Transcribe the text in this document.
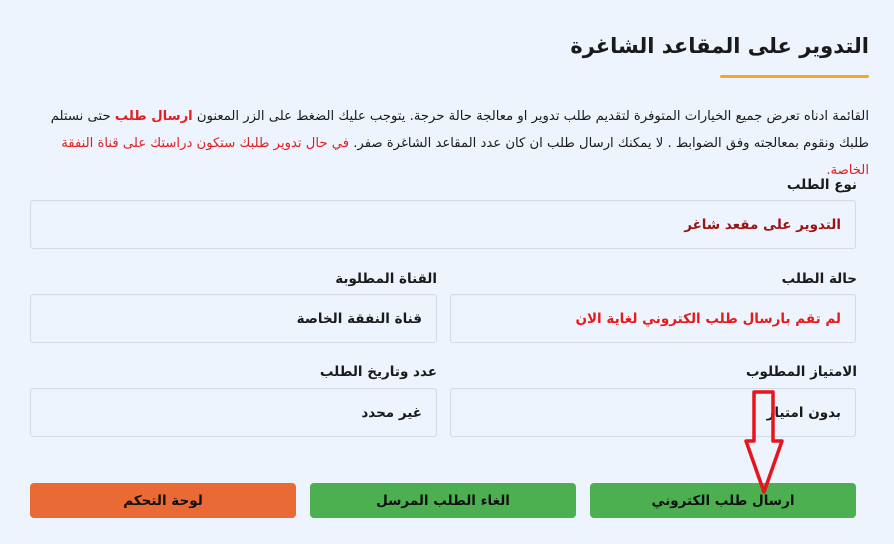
التدوير على المقاعد الشاغرة

القائمة ادناه تعرض جميع الخيارات المتوفرة لتقديم طلب تدوير او معالجة حالة حرجة. يتوجب عليك الضغط على الزر المعنون ارسال طلب حتى نستلم طلبك ونقوم بمعالجته وفق الضوابط . لا يمكنك ارسال طلب ان كان عدد المقاعد الشاغرة صفر. في حال تدوير طلبك ستكون دراستك على قناة النفقة الخاصة.

نوع الطلب
التدوير على مقعد شاغر
حالة الطلب
لم تقم بارسال طلب الكتروني لغاية الان
القناة المطلوبة
قناة النفقة الخاصة
الامتياز المطلوب
بدون امتياز
عدد وتاريخ الطلب
غير محدد
ارسال طلب الكتروني
الغاء الطلب المرسل
لوحة التحكم
